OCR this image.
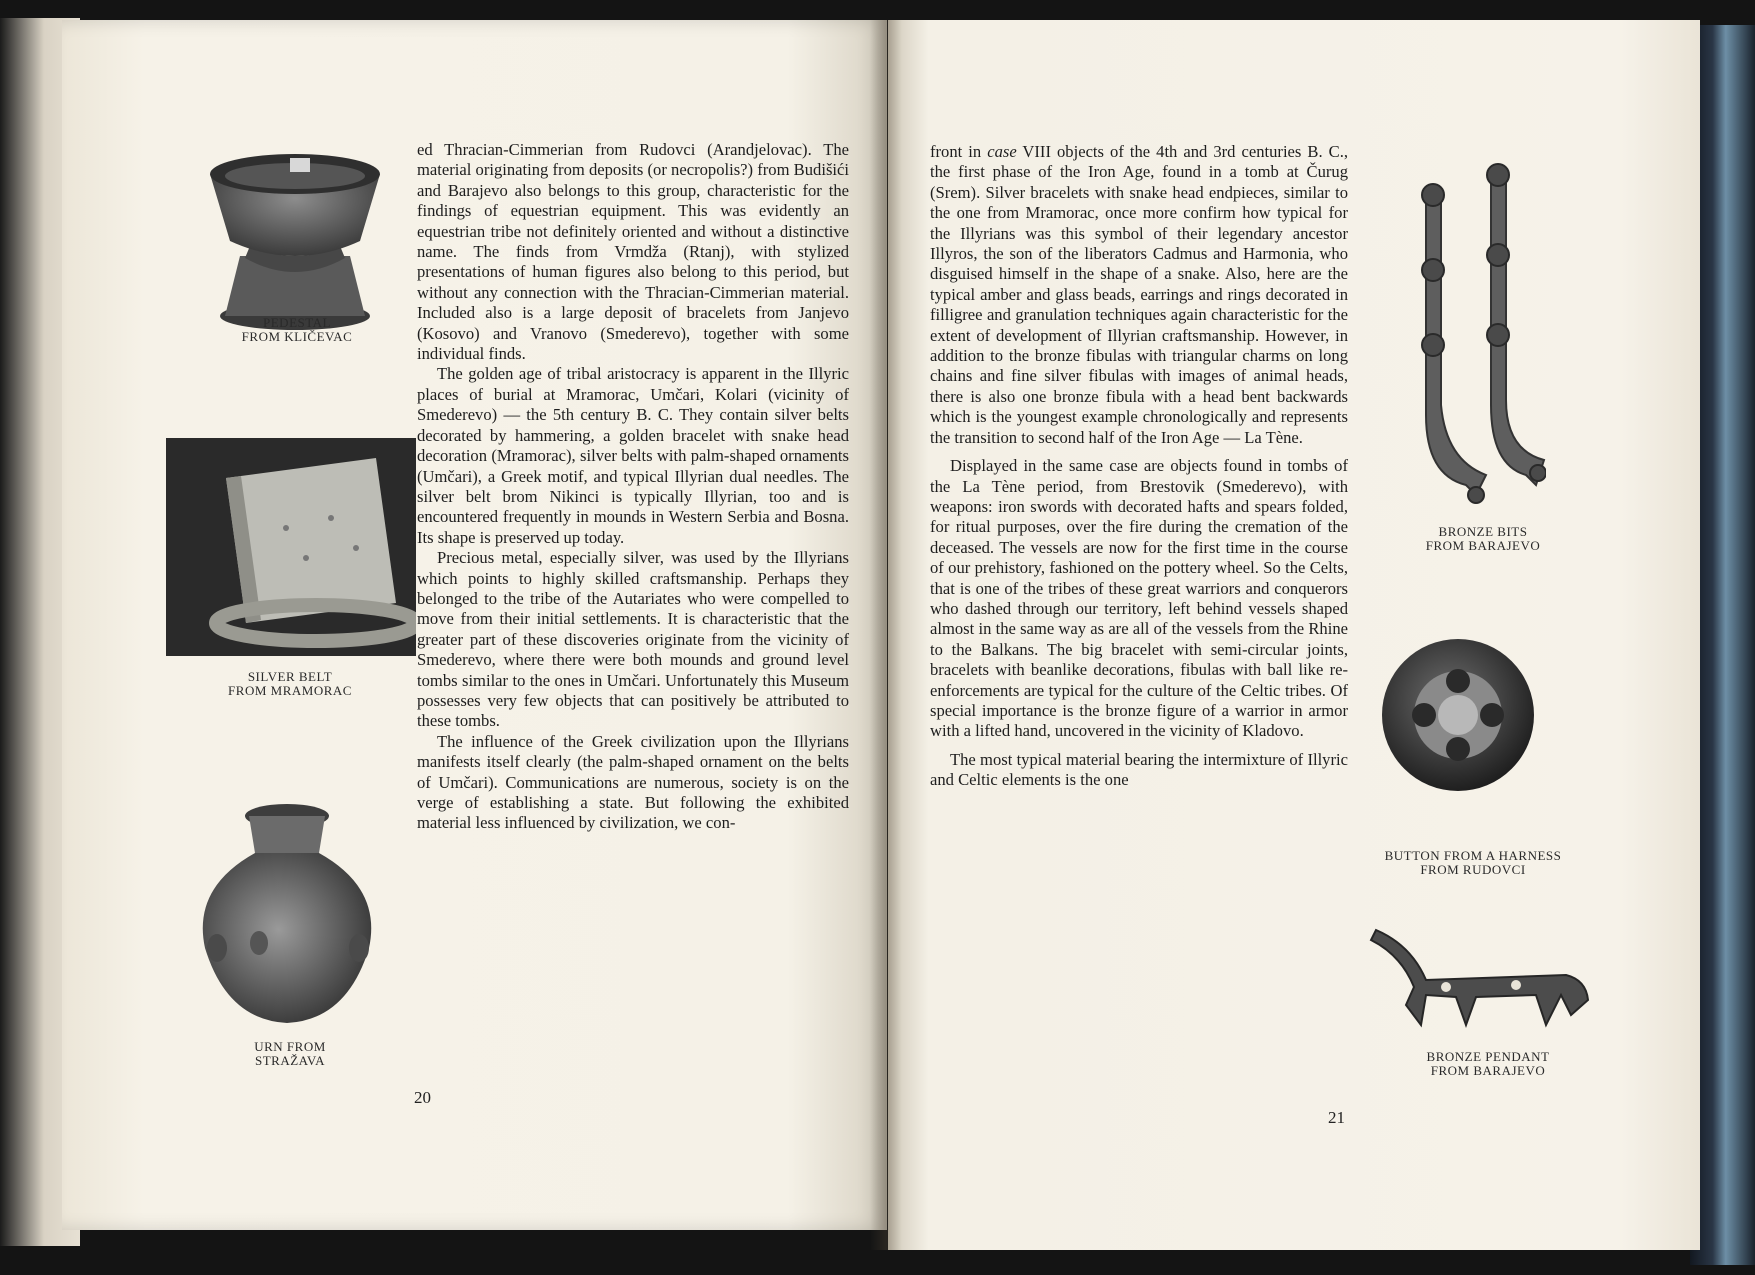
PEDESTAL
FROM KLIČEVAC
SILVER BELT
FROM MRAMORAC
URN FROM
STRAŽAVA

ed Thracian-Cimmerian from Rudovci (Arandjelovac). The material originating from deposits (or necropolis?) from Budišići and Barajevo also belongs to this group, characteristic for the findings of equestrian equipment. This was evidently an equestrian tribe not definitely oriented and without a distinctive name. The finds from Vrmdža (Rtanj), with stylized presentations of human figures also belong to this period, but without any connection with the Thracian-Cimmerian material. Included also is a large deposit of bracelets from Janjevo (Kosovo) and Vranovo (Smederevo), together with some individual finds.

The golden age of tribal aristocracy is apparent in the Illyric places of burial at Mramorac, Umčari, Kolari (vicinity of Smederevo) — the 5th century B. C. They contain silver belts decorated by hammering, a golden bracelet with snake head decoration (Mramorac), silver belts with palm-shaped ornaments (Umčari), a Greek motif, and typical Illyrian dual needles. The silver belt brom Nikinci is typically Illyrian, too and is encountered frequently in mounds in Western Serbia and Bosna. Its shape is preserved up today.

Precious metal, especially silver, was used by the Illyrians which points to highly skilled craftsmanship. Perhaps they belonged to the tribe of the Autariates who were compelled to move from their initial settlements. It is characteristic that the greater part of these discoveries originate from the vicinity of Smederevo, where there were both mounds and ground level tombs similar to the ones in Umčari. Unfortunately this Museum possesses very few objects that can positively be attributed to these tombs.

The influence of the Greek civilization upon the Illyrians manifests itself clearly (the palm-shaped ornament on the belts of Umčari). Communications are numerous, society is on the verge of establishing a state. But following the exhibited material less influenced by civilization, we con-

20

front in case VIII objects of the 4th and 3rd centuries B. C., the first phase of the Iron Age, found in a tomb at Čurug (Srem). Silver bracelets with snake head endpieces, similar to the one from Mramorac, once more confirm how typical for the Illyrians was this symbol of their legendary ancestor Illyros, the son of the liberators Cadmus and Harmonia, who disguised himself in the shape of a snake. Also, here are the typical amber and glass beads, earrings and rings decorated in filligree and granulation techniques again characteristic for the extent of development of Illyrian craftsmanship. However, in addition to the bronze fibulas with triangular charms on long chains and fine silver fibulas with images of animal heads, there is also one bronze fibula with a head bent backwards which is the youngest example chronologically and represents the transition to second half of the Iron Age — La Tène.

Displayed in the same case are objects found in tombs of the La Tène period, from Brestovik (Smederevo), with weapons: iron swords with decorated hafts and spears folded, for ritual purposes, over the fire during the cremation of the deceased. The vessels are now for the first time in the course of our prehistory, fashioned on the pottery wheel. So the Celts, that is one of the tribes of these great warriors and conquerors who dashed through our territory, left behind vessels shaped almost in the same way as are all of the vessels from the Rhine to the Balkans. The big bracelet with semi-circular joints, bracelets with beanlike decorations, fibulas with ball like re-enforcements are typical for the culture of the Celtic tribes. Of special importance is the bronze figure of a warrior in armor with a lifted hand, uncovered in the vicinity of Kladovo.

The most typical material bearing the intermixture of Illyric and Celtic elements is the one

BRONZE BITS
FROM BARAJEVO
BUTTON FROM A HARNESS
FROM RUDOVCI
BRONZE PENDANT
FROM BARAJEVO
21
